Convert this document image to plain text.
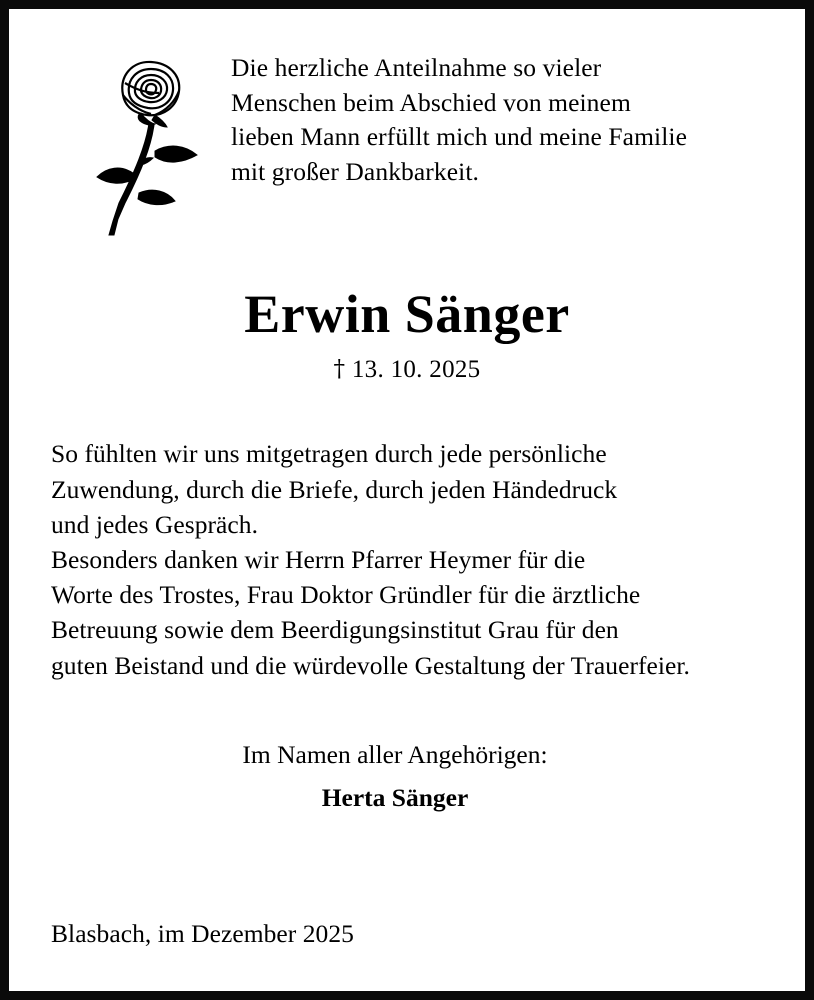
Die herzliche Anteilnahme so vieler
Menschen beim Abschied von meinem
lieben Mann erfüllt mich und meine Familie
mit großer Dankbarkeit.
Erwin Sänger
† 13. 10. 2025
So fühlten wir uns mitgetragen durch jede persönliche
Zuwendung, durch die Briefe, durch jeden Händedruck
und jedes Gespräch.
Besonders danken wir Herrn Pfarrer Heymer für die
Worte des Trostes, Frau Doktor Gründler für die ärztliche
Betreuung sowie dem Beerdigungsinstitut Grau für den
guten Beistand und die würdevolle Gestaltung der Trauerfeier.
Im Namen aller Angehörigen:
Herta Sänger
Blasbach, im Dezember 2025
